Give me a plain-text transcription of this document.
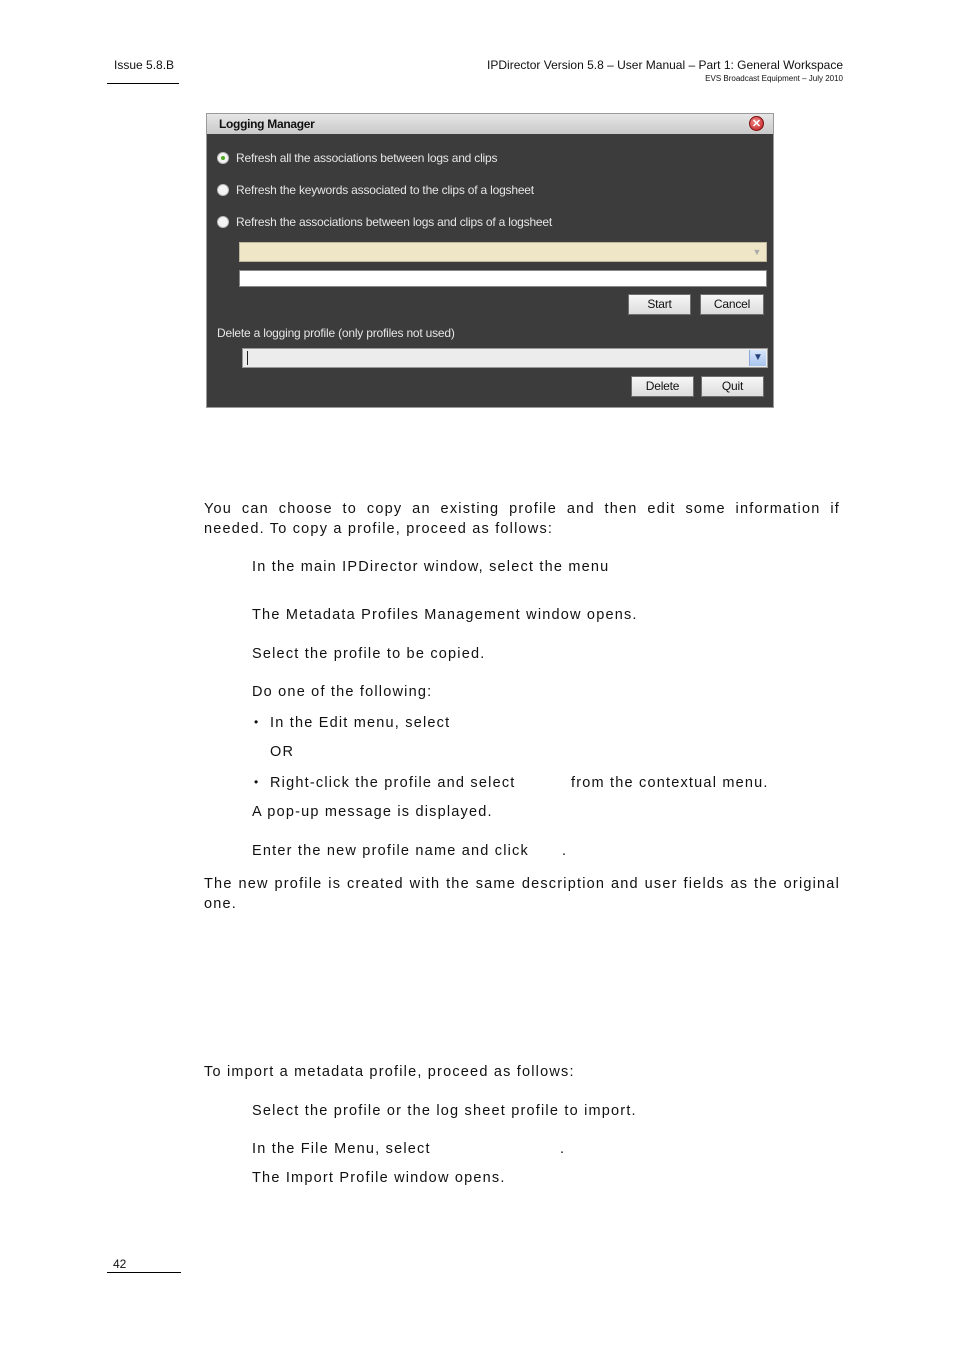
Issue 5.8.B	IPDirector Version 5.8 – User Manual – Part 1: General Workspace
EVS Broadcast Equipment – July 2010
Logging Manager	✕
Refresh all the associations between logs and clips
Refresh the keywords associated to the clips of a logsheet
Refresh the associations between logs and clips of a logsheet
▼
Start	Cancel
Delete a logging profile (only profiles not used)
▼
Delete	Quit
You can choose to copy an existing profile and then edit some information if
needed. To copy a profile, proceed as follows:
In the main IPDirector window, select the menu
The Metadata Profiles Management window opens.
Select the profile to be copied.
Do one of the following:
• In the Edit menu, select
OR
• Right-click the profile and select	from the contextual menu.
A pop-up message is displayed.
Enter the new profile name and click .
The new profile is created with the same description and user fields as the original
one.
To import a metadata profile, proceed as follows:
Select the profile or the log sheet profile to import.
In the File Menu, select	.
The Import Profile window opens.
42
